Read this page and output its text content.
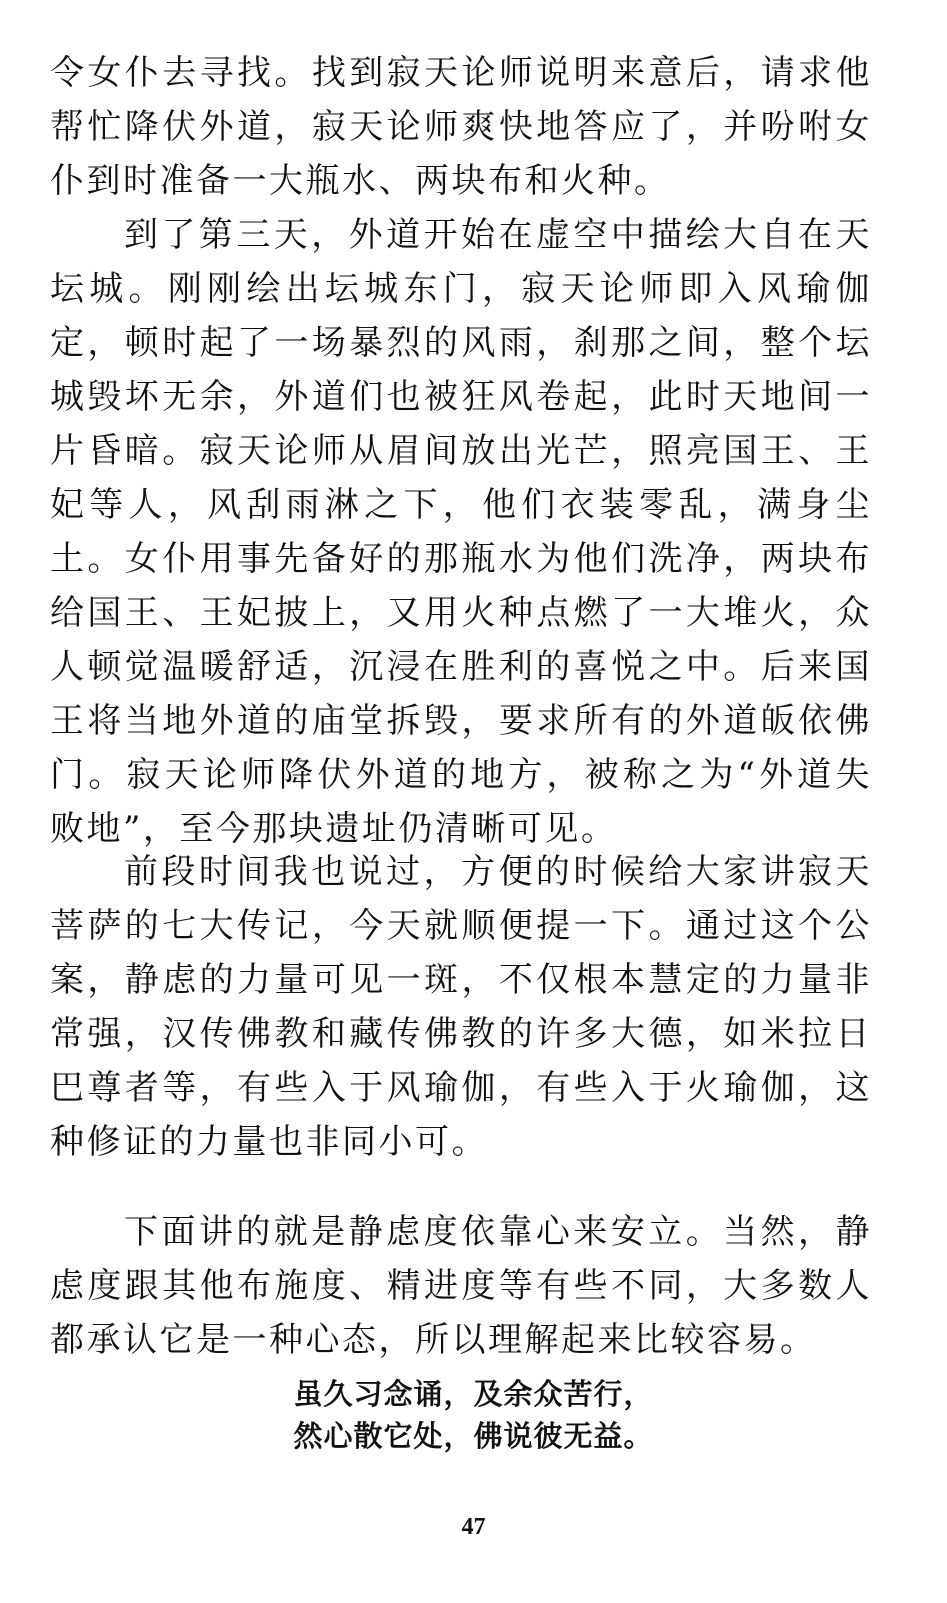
令女仆去寻找。找到寂天论师说明来意后，请求他帮忙降伏外道，寂天论师爽快地答应了，并吩咐女仆到时准备一大瓶水、两块布和火种。

到了第三天，外道开始在虚空中描绘大自在天坛城。刚刚绘出坛城东门，寂天论师即入风瑜伽定，顿时起了一场暴烈的风雨，刹那之间，整个坛城毁坏无余，外道们也被狂风卷起，此时天地间一片昏暗。寂天论师从眉间放出光芒，照亮国王、王妃等人，风刮雨淋之下，他们衣装零乱，满身尘土。女仆用事先备好的那瓶水为他们洗净，两块布给国王、王妃披上，又用火种点燃了一大堆火，众人顿觉温暖舒适，沉浸在胜利的喜悦之中。后来国王将当地外道的庙堂拆毁，要求所有的外道皈依佛门。寂天论师降伏外道的地方，被称之为“外道失败地”，至今那块遗址仍清晰可见。

前段时间我也说过，方便的时候给大家讲寂天菩萨的七大传记，今天就顺便提一下。通过这个公案，静虑的力量可见一斑，不仅根本慧定的力量非常强，汉传佛教和藏传佛教的许多大德，如米拉日巴尊者等，有些入于风瑜伽，有些入于火瑜伽，这种修证的力量也非同小可。

下面讲的就是静虑度依靠心来安立。当然，静虑度跟其他布施度、精进度等有些不同，大多数人都承认它是一种心态，所以理解起来比较容易。

虽久习念诵，及余众苦行，
然心散它处，佛说彼无益。
47
